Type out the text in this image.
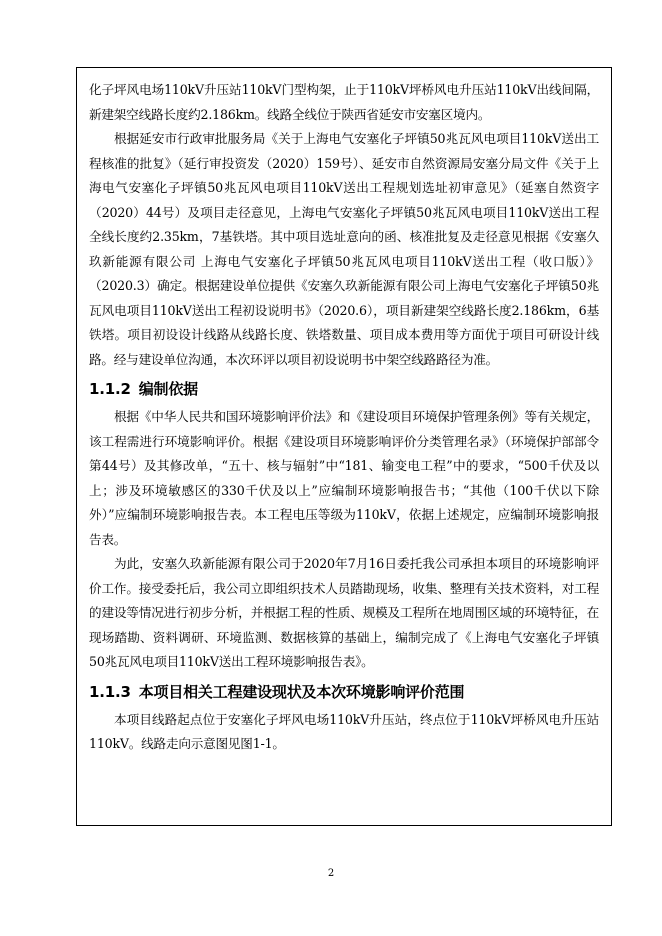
化子坪风电场110kV升压站110kV门型构架，止于110kV坪桥风电升压站110kV出线间隔，新建架空线路长度约2.186km。线路全线位于陕西省延安市安塞区境内。

根据延安市行政审批服务局《关于上海电气安塞化子坪镇50兆瓦风电项目110kV送出工程核准的批复》（延行审投资发（2020）159号）、延安市自然资源局安塞分局文件《关于上海电气安塞化子坪镇50兆瓦风电项目110kV送出工程规划选址初审意见》（延塞自然资字（2020）44号）及项目走径意见，上海电气安塞化子坪镇50兆瓦风电项目110kV送出工程全线长度约2.35km，7基铁塔。其中项目选址意向的函、核准批复及走径意见根据《安塞久玖新能源有限公司 上海电气安塞化子坪镇50兆瓦风电项目110kV送出工程（收口版）》（2020.3）确定。根据建设单位提供《安塞久玖新能源有限公司上海电气安塞化子坪镇50兆瓦风电项目110kV送出工程初设说明书》（2020.6），项目新建架空线路长度2.186km，6基铁塔。项目初设设计线路从线路长度、铁塔数量、项目成本费用等方面优于项目可研设计线路。经与建设单位沟通，本次环评以项目初设说明书中架空线路路径为准。

1.1.2 编制依据

根据《中华人民共和国环境影响评价法》和《建设项目环境保护管理条例》等有关规定，该工程需进行环境影响评价。根据《建设项目环境影响评价分类管理名录》（环境保护部部令第44号）及其修改单，“五十、核与辐射”中“181、输变电工程”中的要求，“500千伏及以上；涉及环境敏感区的330千伏及以上”应编制环境影响报告书；“其他（100千伏以下除外）”应编制环境影响报告表。本工程电压等级为110kV，依据上述规定，应编制环境影响报告表。

为此，安塞久玖新能源有限公司于2020年7月16日委托我公司承担本项目的环境影响评价工作。接受委托后，我公司立即组织技术人员踏勘现场，收集、整理有关技术资料，对工程的建设等情况进行初步分析，并根据工程的性质、规模及工程所在地周围区域的环境特征，在现场踏勘、资料调研、环境监测、数据核算的基础上，编制完成了《上海电气安塞化子坪镇50兆瓦风电项目110kV送出工程环境影响报告表》。

1.1.3 本项目相关工程建设现状及本次环境影响评价范围

本项目线路起点位于安塞化子坪风电场110kV升压站，终点位于110kV坪桥风电升压站110kV。线路走向示意图见图1-1。

2
